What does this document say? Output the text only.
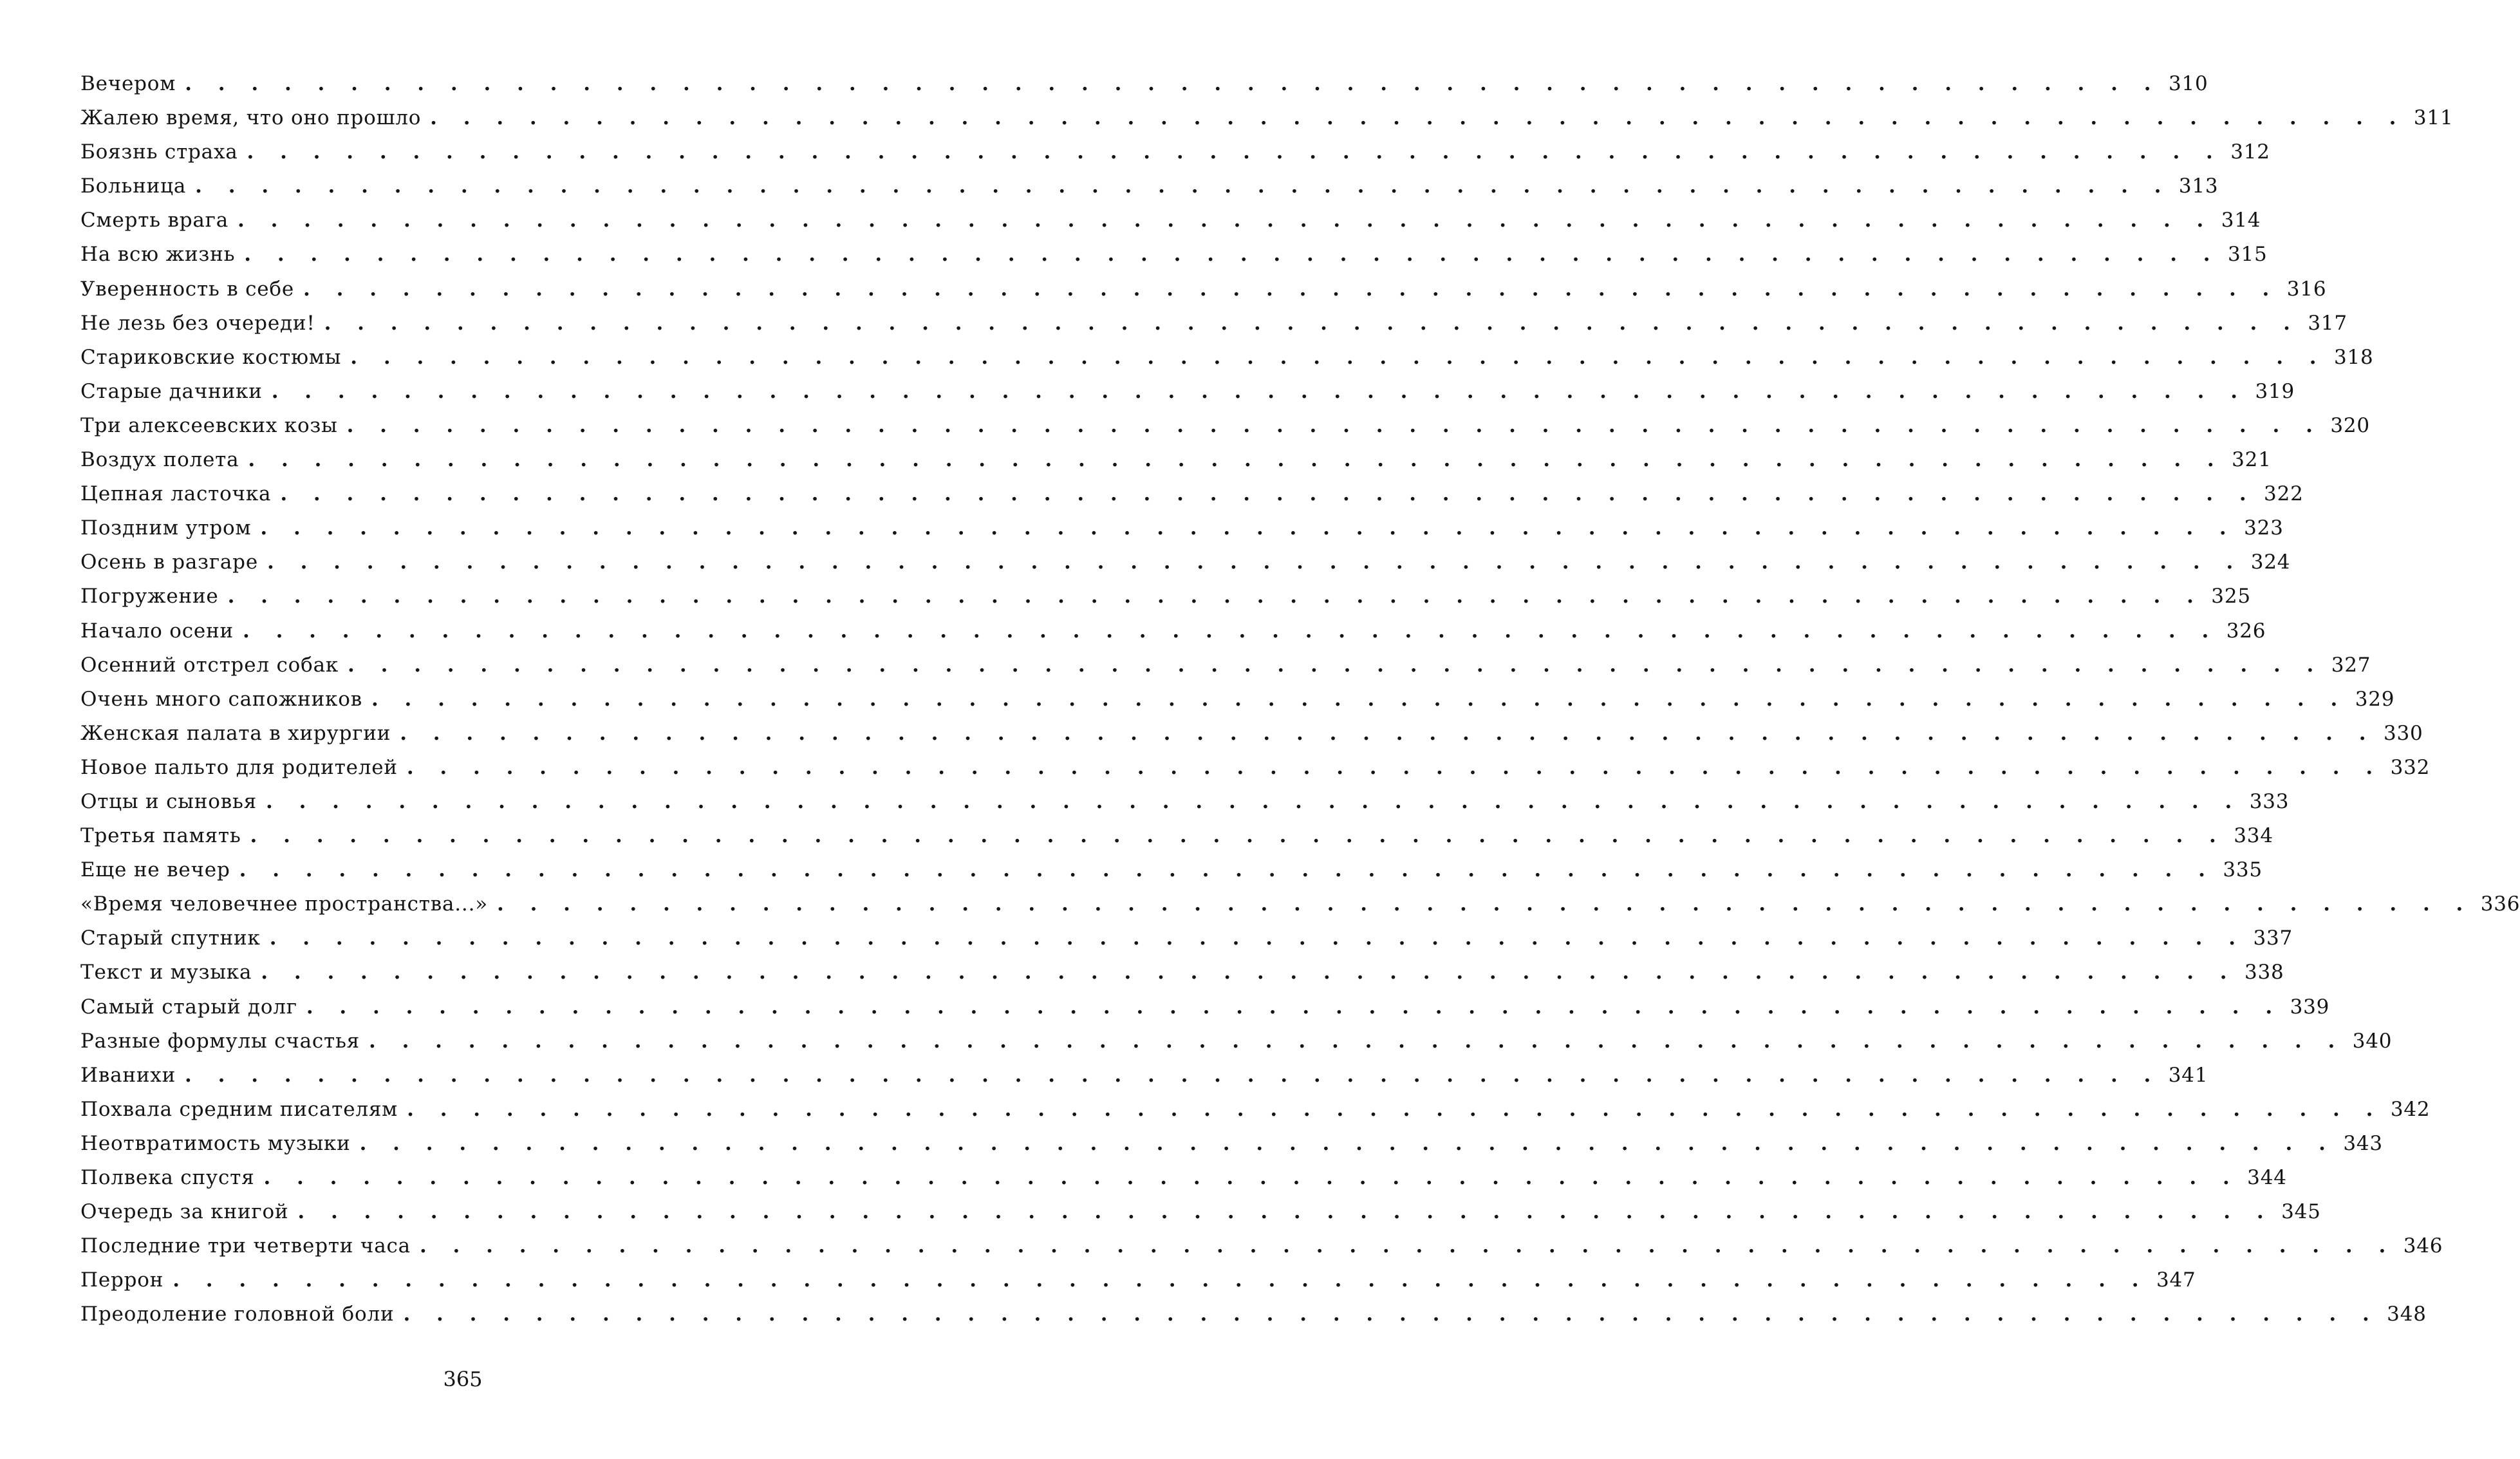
Вечером . . . . . . . . . . . . . . . . . . . . . . . . . . . . . . . . . . . . . . . . . . . . . . . . . . . . . . . . . . . . 310
Жалею время, что оно прошло . . . . . . . . . . . . . . . . . . . . . . . . . . . . . . . . . . . . . . . . . . . . . . . . . . . . . . . . . . . . 311
Боязнь страха . . . . . . . . . . . . . . . . . . . . . . . . . . . . . . . . . . . . . . . . . . . . . . . . . . . . . . . . . . . . 312
Больница . . . . . . . . . . . . . . . . . . . . . . . . . . . . . . . . . . . . . . . . . . . . . . . . . . . . . . . . . . . . 313
Смерть врага . . . . . . . . . . . . . . . . . . . . . . . . . . . . . . . . . . . . . . . . . . . . . . . . . . . . . . . . . . . . 314
На всю жизнь . . . . . . . . . . . . . . . . . . . . . . . . . . . . . . . . . . . . . . . . . . . . . . . . . . . . . . . . . . . . 315
Уверенность в себе . . . . . . . . . . . . . . . . . . . . . . . . . . . . . . . . . . . . . . . . . . . . . . . . . . . . . . . . . . . . 316
Не лезь без очереди! . . . . . . . . . . . . . . . . . . . . . . . . . . . . . . . . . . . . . . . . . . . . . . . . . . . . . . . . . . . . 317
Стариковские костюмы . . . . . . . . . . . . . . . . . . . . . . . . . . . . . . . . . . . . . . . . . . . . . . . . . . . . . . . . . . . . 318
Старые дачники . . . . . . . . . . . . . . . . . . . . . . . . . . . . . . . . . . . . . . . . . . . . . . . . . . . . . . . . . . . . 319
Три алексеевских козы . . . . . . . . . . . . . . . . . . . . . . . . . . . . . . . . . . . . . . . . . . . . . . . . . . . . . . . . . . . . 320
Воздух полета . . . . . . . . . . . . . . . . . . . . . . . . . . . . . . . . . . . . . . . . . . . . . . . . . . . . . . . . . . . . 321
Цепная ласточка . . . . . . . . . . . . . . . . . . . . . . . . . . . . . . . . . . . . . . . . . . . . . . . . . . . . . . . . . . . . 322
Поздним утром . . . . . . . . . . . . . . . . . . . . . . . . . . . . . . . . . . . . . . . . . . . . . . . . . . . . . . . . . . . . 323
Осень в разгаре . . . . . . . . . . . . . . . . . . . . . . . . . . . . . . . . . . . . . . . . . . . . . . . . . . . . . . . . . . . . 324
Погружение . . . . . . . . . . . . . . . . . . . . . . . . . . . . . . . . . . . . . . . . . . . . . . . . . . . . . . . . . . . . 325
Начало осени . . . . . . . . . . . . . . . . . . . . . . . . . . . . . . . . . . . . . . . . . . . . . . . . . . . . . . . . . . . . 326
Осенний отстрел собак . . . . . . . . . . . . . . . . . . . . . . . . . . . . . . . . . . . . . . . . . . . . . . . . . . . . . . . . . . . . 327
Очень много сапожников . . . . . . . . . . . . . . . . . . . . . . . . . . . . . . . . . . . . . . . . . . . . . . . . . . . . . . . . . . . . 329
Женская палата в хирургии . . . . . . . . . . . . . . . . . . . . . . . . . . . . . . . . . . . . . . . . . . . . . . . . . . . . . . . . . . . . 330
Новое пальто для родителей . . . . . . . . . . . . . . . . . . . . . . . . . . . . . . . . . . . . . . . . . . . . . . . . . . . . . . . . . . . . 332
Отцы и сыновья . . . . . . . . . . . . . . . . . . . . . . . . . . . . . . . . . . . . . . . . . . . . . . . . . . . . . . . . . . . . 333
Третья память . . . . . . . . . . . . . . . . . . . . . . . . . . . . . . . . . . . . . . . . . . . . . . . . . . . . . . . . . . . . 334
Еще не вечер . . . . . . . . . . . . . . . . . . . . . . . . . . . . . . . . . . . . . . . . . . . . . . . . . . . . . . . . . . . . 335
«Время человечнее пространства...» . . . . . . . . . . . . . . . . . . . . . . . . . . . . . . . . . . . . . . . . . . . . . . . . . . . . . . . . . . . . 336
Старый спутник . . . . . . . . . . . . . . . . . . . . . . . . . . . . . . . . . . . . . . . . . . . . . . . . . . . . . . . . . . . . 337
Текст и музыка . . . . . . . . . . . . . . . . . . . . . . . . . . . . . . . . . . . . . . . . . . . . . . . . . . . . . . . . . . . . 338
Самый старый долг . . . . . . . . . . . . . . . . . . . . . . . . . . . . . . . . . . . . . . . . . . . . . . . . . . . . . . . . . . . . 339
Разные формулы счастья . . . . . . . . . . . . . . . . . . . . . . . . . . . . . . . . . . . . . . . . . . . . . . . . . . . . . . . . . . . . 340
Иванихи . . . . . . . . . . . . . . . . . . . . . . . . . . . . . . . . . . . . . . . . . . . . . . . . . . . . . . . . . . . . 341
Похвала средним писателям . . . . . . . . . . . . . . . . . . . . . . . . . . . . . . . . . . . . . . . . . . . . . . . . . . . . . . . . . . . . 342
Неотвратимость музыки . . . . . . . . . . . . . . . . . . . . . . . . . . . . . . . . . . . . . . . . . . . . . . . . . . . . . . . . . . . . 343
Полвека спустя . . . . . . . . . . . . . . . . . . . . . . . . . . . . . . . . . . . . . . . . . . . . . . . . . . . . . . . . . . . . 344
Очередь за книгой . . . . . . . . . . . . . . . . . . . . . . . . . . . . . . . . . . . . . . . . . . . . . . . . . . . . . . . . . . . . 345
Последние три четверти часа . . . . . . . . . . . . . . . . . . . . . . . . . . . . . . . . . . . . . . . . . . . . . . . . . . . . . . . . . . . . 346
Перрон . . . . . . . . . . . . . . . . . . . . . . . . . . . . . . . . . . . . . . . . . . . . . . . . . . . . . . . . . . . . 347
Преодоление головной боли . . . . . . . . . . . . . . . . . . . . . . . . . . . . . . . . . . . . . . . . . . . . . . . . . . . . . . . . . . . . 348
365
